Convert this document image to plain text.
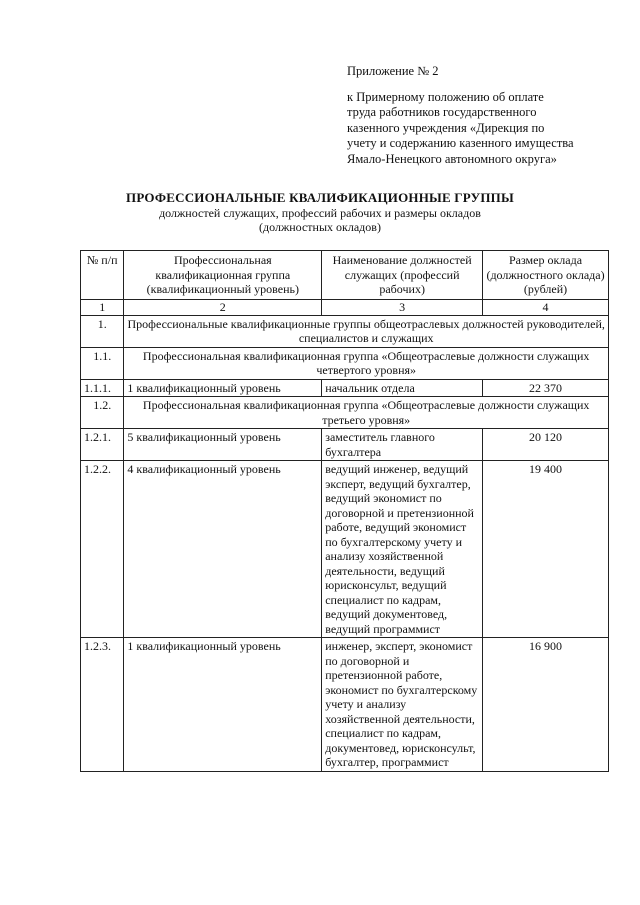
Приложение № 2
к Примерному положению об оплате
труда работников государственного
казенного учреждения «Дирекция по
учету и содержанию казенного имущества
Ямало-Ненецкого автономного округа»
ПРОФЕССИОНАЛЬНЫЕ КВАЛИФИКАЦИОННЫЕ ГРУППЫ
должностей служащих, профессий рабочих и размеры окладов
(должностных окладов)
№ п/п	Профессиональная квалификационная группа (квалификационный уровень)	Наименование должностей служащих (профессий рабочих)	Размер оклада (должностного оклада) (рублей)
1	2	3	4
1.	Профессиональные квалификационные группы общеотраслевых должностей руководителей, специалистов и служащих		
1.1.	Профессиональная квалификационная группа «Общеотраслевые должности служащих четвертого уровня»		
1.1.1.	1 квалификационный уровень	начальник отдела	22 370
1.2.	Профессиональная квалификационная группа «Общеотраслевые должности служащих третьего уровня»		
1.2.1.	5 квалификационный уровень	заместитель главного бухгалтера	20 120
1.2.2.	4 квалификационный уровень	ведущий инженер, ведущий эксперт, ведущий бухгалтер, ведущий экономист по договорной и претензионной работе, ведущий экономист по бухгалтерскому учету и анализу хозяйственной деятельности, ведущий юрисконсульт, ведущий специалист по кадрам, ведущий документовед, ведущий программист	19 400
1.2.3.	1 квалификационный уровень	инженер, эксперт, экономист по договорной и претензионной работе, экономист по бухгалтерскому учету и анализу хозяйственной деятельности, специалист по кадрам, документовед, юрисконсульт, бухгалтер, программист	16 900
